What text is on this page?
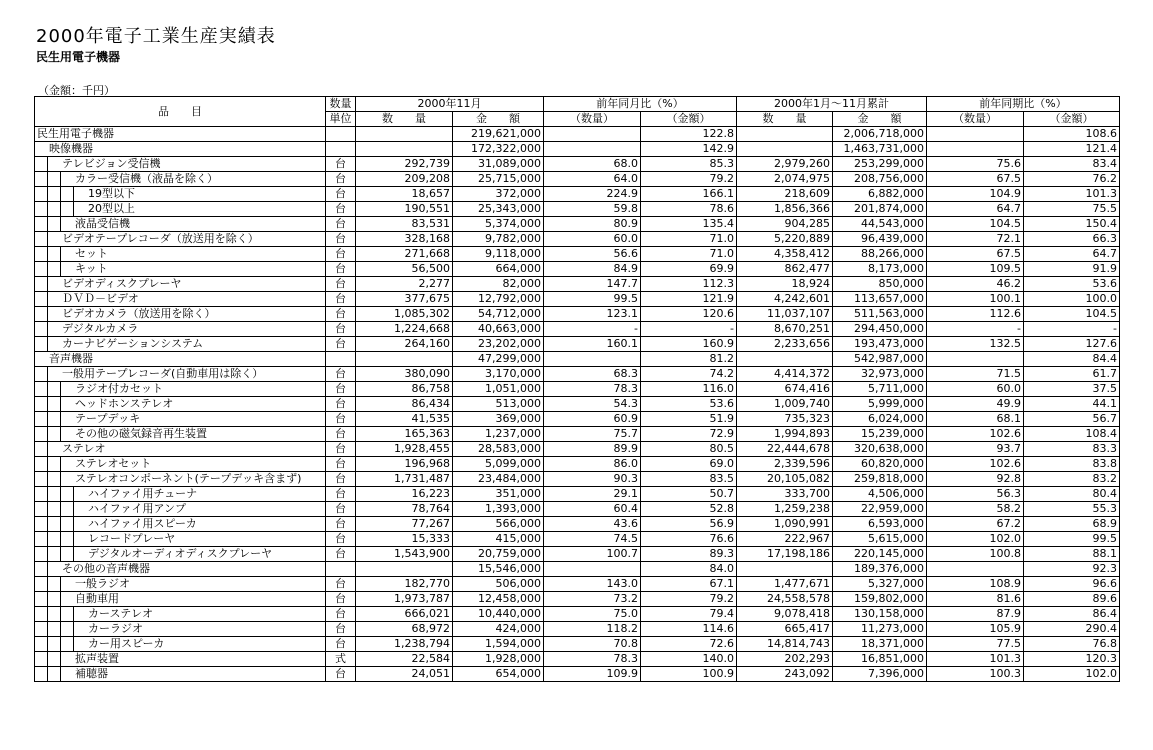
2000年電子工業生産実績表
民生用電子機器
（金額：千円）
品　　目	数量	2000年11月		前年同月比（%）		2000年1月～11月累計		前年同期比（%）	
	単位	数　　量	金　　額	（数量）	（金額）	数　　量	金　　額	（数量）	（金額）

民生用電子機器			219,621,000		122.8		2,006,718,000		108.6

映像機器			172,322,000		142.9		1,463,731,000		121.4

テレビジョン受信機	台	292,739	31,089,000	68.0	85.3	2,979,260	253,299,000	75.6	83.4

カラー受信機（液晶を除く）	台	209,208	25,715,000	64.0	79.2	2,074,975	208,756,000	67.5	76.2

19型以下	台	18,657	372,000	224.9	166.1	218,609	6,882,000	104.9	101.3

20型以上	台	190,551	25,343,000	59.8	78.6	1,856,366	201,874,000	64.7	75.5

液晶受信機	台	83,531	5,374,000	80.9	135.4	904,285	44,543,000	104.5	150.4

ビデオテープレコーダ（放送用を除く）	台	328,168	9,782,000	60.0	71.0	5,220,889	96,439,000	72.1	66.3

セット	台	271,668	9,118,000	56.6	71.0	4,358,412	88,266,000	67.5	64.7

キット	台	56,500	664,000	84.9	69.9	862,477	8,173,000	109.5	91.9

ビデオディスクプレーヤ	台	2,277	82,000	147.7	112.3	18,924	850,000	46.2	53.6

ＤＶＤ－ビデオ	台	377,675	12,792,000	99.5	121.9	4,242,601	113,657,000	100.1	100.0

ビデオカメラ（放送用を除く）	台	1,085,302	54,712,000	123.1	120.6	11,037,107	511,563,000	112.6	104.5

デジタルカメラ	台	1,224,668	40,663,000	-	-	8,670,251	294,450,000	-	-

カーナビゲーションシステム	台	264,160	23,202,000	160.1	160.9	2,233,656	193,473,000	132.5	127.6

音声機器			47,299,000		81.2		542,987,000		84.4

一般用テープレコーダ(自動車用は除く）	台	380,090	3,170,000	68.3	74.2	4,414,372	32,973,000	71.5	61.7

ラジオ付カセット	台	86,758	1,051,000	78.3	116.0	674,416	5,711,000	60.0	37.5

ヘッドホンステレオ	台	86,434	513,000	54.3	53.6	1,009,740	5,999,000	49.9	44.1

テープデッキ	台	41,535	369,000	60.9	51.9	735,323	6,024,000	68.1	56.7

その他の磁気録音再生装置	台	165,363	1,237,000	75.7	72.9	1,994,893	15,239,000	102.6	108.4

ステレオ	台	1,928,455	28,583,000	89.9	80.5	22,444,678	320,638,000	93.7	83.3

ステレオセット	台	196,968	5,099,000	86.0	69.0	2,339,596	60,820,000	102.6	83.8

ステレオコンポーネント(テープデッキ含まず)	台	1,731,487	23,484,000	90.3	83.5	20,105,082	259,818,000	92.8	83.2

ハイファイ用チューナ	台	16,223	351,000	29.1	50.7	333,700	4,506,000	56.3	80.4

ハイファイ用アンプ	台	78,764	1,393,000	60.4	52.8	1,259,238	22,959,000	58.2	55.3

ハイファイ用スピーカ	台	77,267	566,000	43.6	56.9	1,090,991	6,593,000	67.2	68.9

レコードプレーヤ	台	15,333	415,000	74.5	76.6	222,967	5,615,000	102.0	99.5

デジタルオーディオディスクプレーヤ	台	1,543,900	20,759,000	100.7	89.3	17,198,186	220,145,000	100.8	88.1

その他の音声機器			15,546,000		84.0		189,376,000		92.3

一般ラジオ	台	182,770	506,000	143.0	67.1	1,477,671	5,327,000	108.9	96.6

自動車用	台	1,973,787	12,458,000	73.2	79.2	24,558,578	159,802,000	81.6	89.6

カーステレオ	台	666,021	10,440,000	75.0	79.4	9,078,418	130,158,000	87.9	86.4

カーラジオ	台	68,972	424,000	118.2	114.6	665,417	11,273,000	105.9	290.4

カー用スピーカ	台	1,238,794	1,594,000	70.8	72.6	14,814,743	18,371,000	77.5	76.8

拡声装置	式	22,584	1,928,000	78.3	140.0	202,293	16,851,000	101.3	120.3

補聴器	台	24,051	654,000	109.9	100.9	243,092	7,396,000	100.3	102.0
